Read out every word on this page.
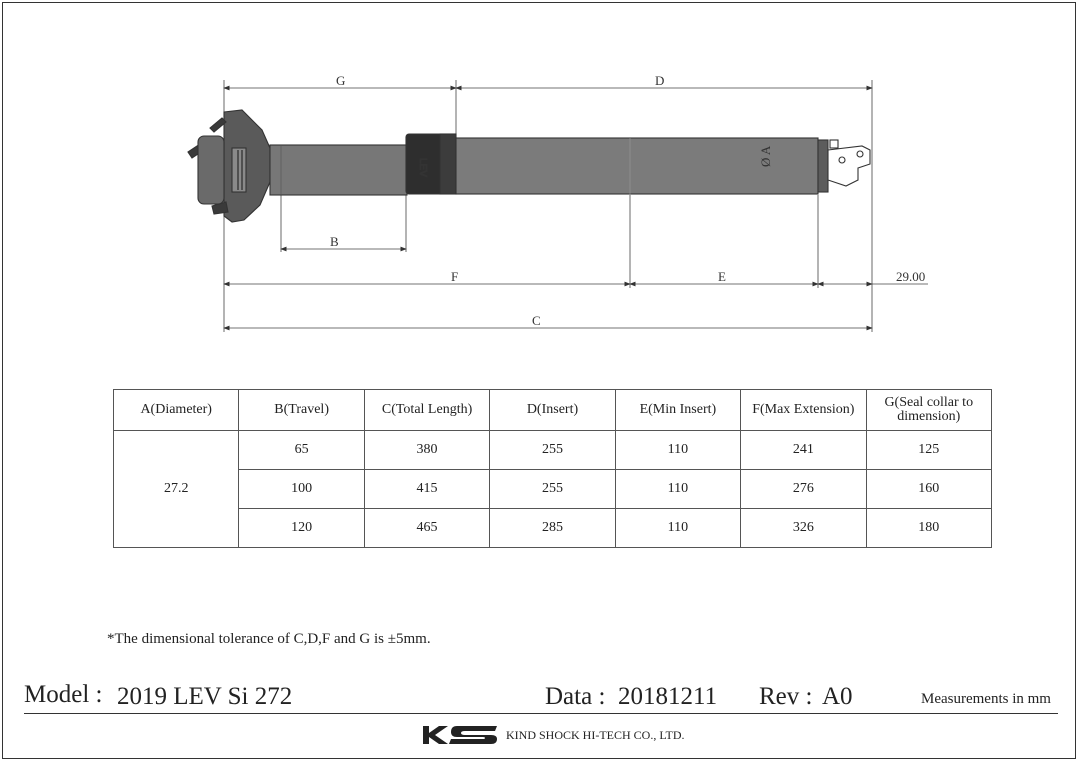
G	D
B
F	E	29.00
C
LEV
Ø A
A(Diameter)	B(Travel)	C(Total Length)	D(Insert)	E(Min Insert)	F(Max Extension)	G(Seal collar to dimension)
27.2	65	380	255	110	241	125
	100	415	255	110	276	160
	120	465	285	110	326	180
*The dimensional tolerance of C,D,F and G is ±5mm.
Model : 2019 LEV Si 272	Data : 20181211 Rev : A0	Measurements in mm
KIND SHOCK HI-TECH CO., LTD.
